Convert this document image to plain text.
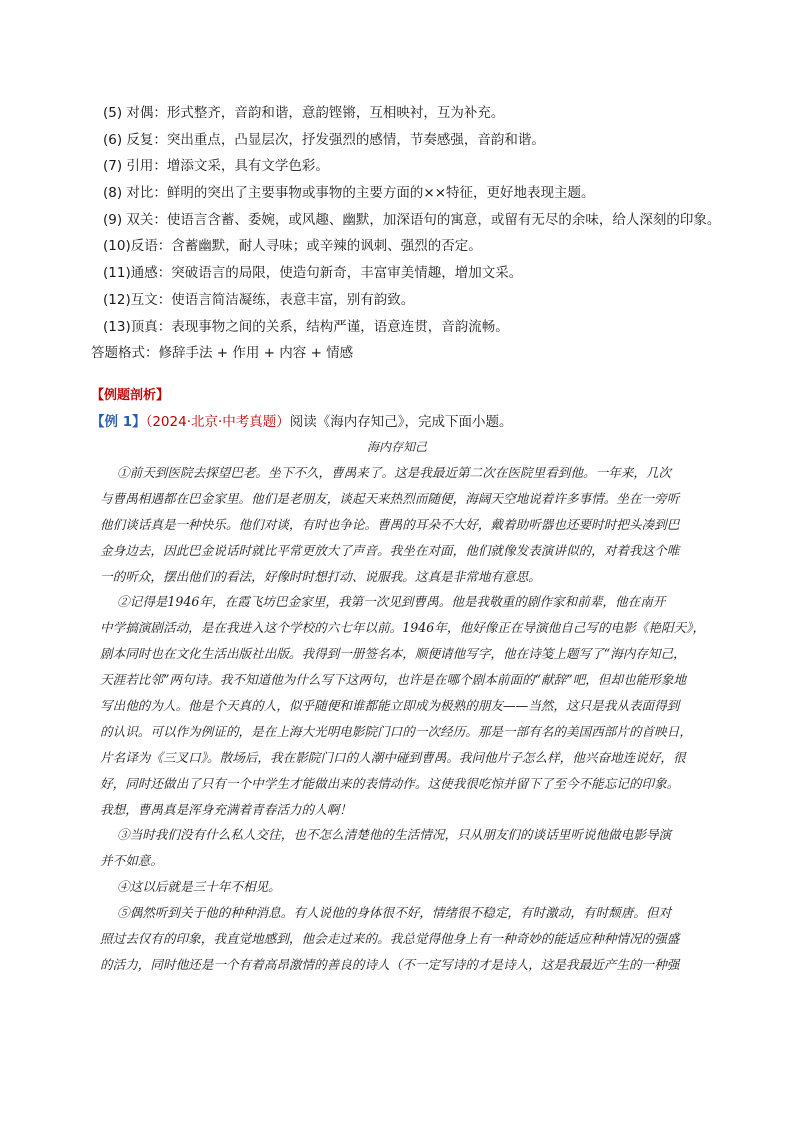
(5) 对偶：形式整齐，音韵和谐，意韵铿锵，互相映衬，互为补充。
(6) 反复：突出重点，凸显层次，抒发强烈的感情，节奏感强，音韵和谐。
(7) 引用：增添文采，具有文学色彩。
(8) 对比：鲜明的突出了主要事物或事物的主要方面的××特征，更好地表现主题。
(9) 双关：使语言含蓄、委婉，或风趣、幽默，加深语句的寓意，或留有无尽的余味，给人深刻的印象。
(10)反语：含蓄幽默，耐人寻味；或辛辣的讽刺、强烈的否定。
(11)通感：突破语言的局限，使造句新奇，丰富审美情趣，增加文采。
(12)互文：使语言简洁凝练，表意丰富，别有韵致。
(13)顶真：表现事物之间的关系，结构严谨，语意连贯，音韵流畅。
答题格式：修辞手法 + 作用 + 内容 + 情感
【例题剖析】
【例 1】（2024·北京·中考真题）阅读《海内存知己》，完成下面小题。
海内存知己
①前天到医院去探望巴老。坐下不久，曹禺来了。这是我最近第二次在医院里看到他。一年来，几次
与曹禺相遇都在巴金家里。他们是老朋友，谈起天来热烈而随便，海阔天空地说着许多事情。坐在一旁听
他们谈话真是一种快乐。他们对谈，有时也争论。曹禺的耳朵不大好，戴着助听器也还要时时把头凑到巴
金身边去，因此巴金说话时就比平常更放大了声音。我坐在对面，他们就像发表演讲似的，对着我这个唯
一的听众，摆出他们的看法，好像时时想打动、说服我。这真是非常地有意思。
②记得是1946年，在霞飞坊巴金家里，我第一次见到曹禺。他是我敬重的剧作家和前辈，他在南开
中学搞演剧活动，是在我进入这个学校的六七年以前。1946年，他好像正在导演他自己写的电影《艳阳天》，
剧本同时也在文化生活出版社出版。我得到一册签名本，顺便请他写字，他在诗笺上题写了“海内存知己，
天涯若比邻”两句诗。我不知道他为什么写下这两句，也许是在哪个剧本前面的“献辞”吧，但却也能形象地
写出他的为人。他是个天真的人，似乎随便和谁都能立即成为极熟的朋友——当然，这只是我从表面得到
的认识。可以作为例证的，是在上海大光明电影院门口的一次经历。那是一部有名的美国西部片的首映日，
片名译为《三叉口》。散场后，我在影院门口的人潮中碰到曹禺。我问他片子怎么样，他兴奋地连说好，很
好，同时还做出了只有一个中学生才能做出来的表情动作。这使我很吃惊并留下了至今不能忘记的印象。
我想，曹禺真是浑身充满着青春活力的人啊！
③当时我们没有什么私人交往，也不怎么清楚他的生活情况，只从朋友们的谈话里听说他做电影导演
并不如意。
④这以后就是三十年不相见。
⑤偶然听到关于他的种种消息。有人说他的身体很不好，情绪很不稳定，有时激动，有时颓唐。但对
照过去仅有的印象，我直觉地感到，他会走过来的。我总觉得他身上有一种奇妙的能适应种种情况的强盛
的活力，同时他还是一个有着高昂激情的善良的诗人（不一定写诗的才是诗人，这是我最近产生的一种强
